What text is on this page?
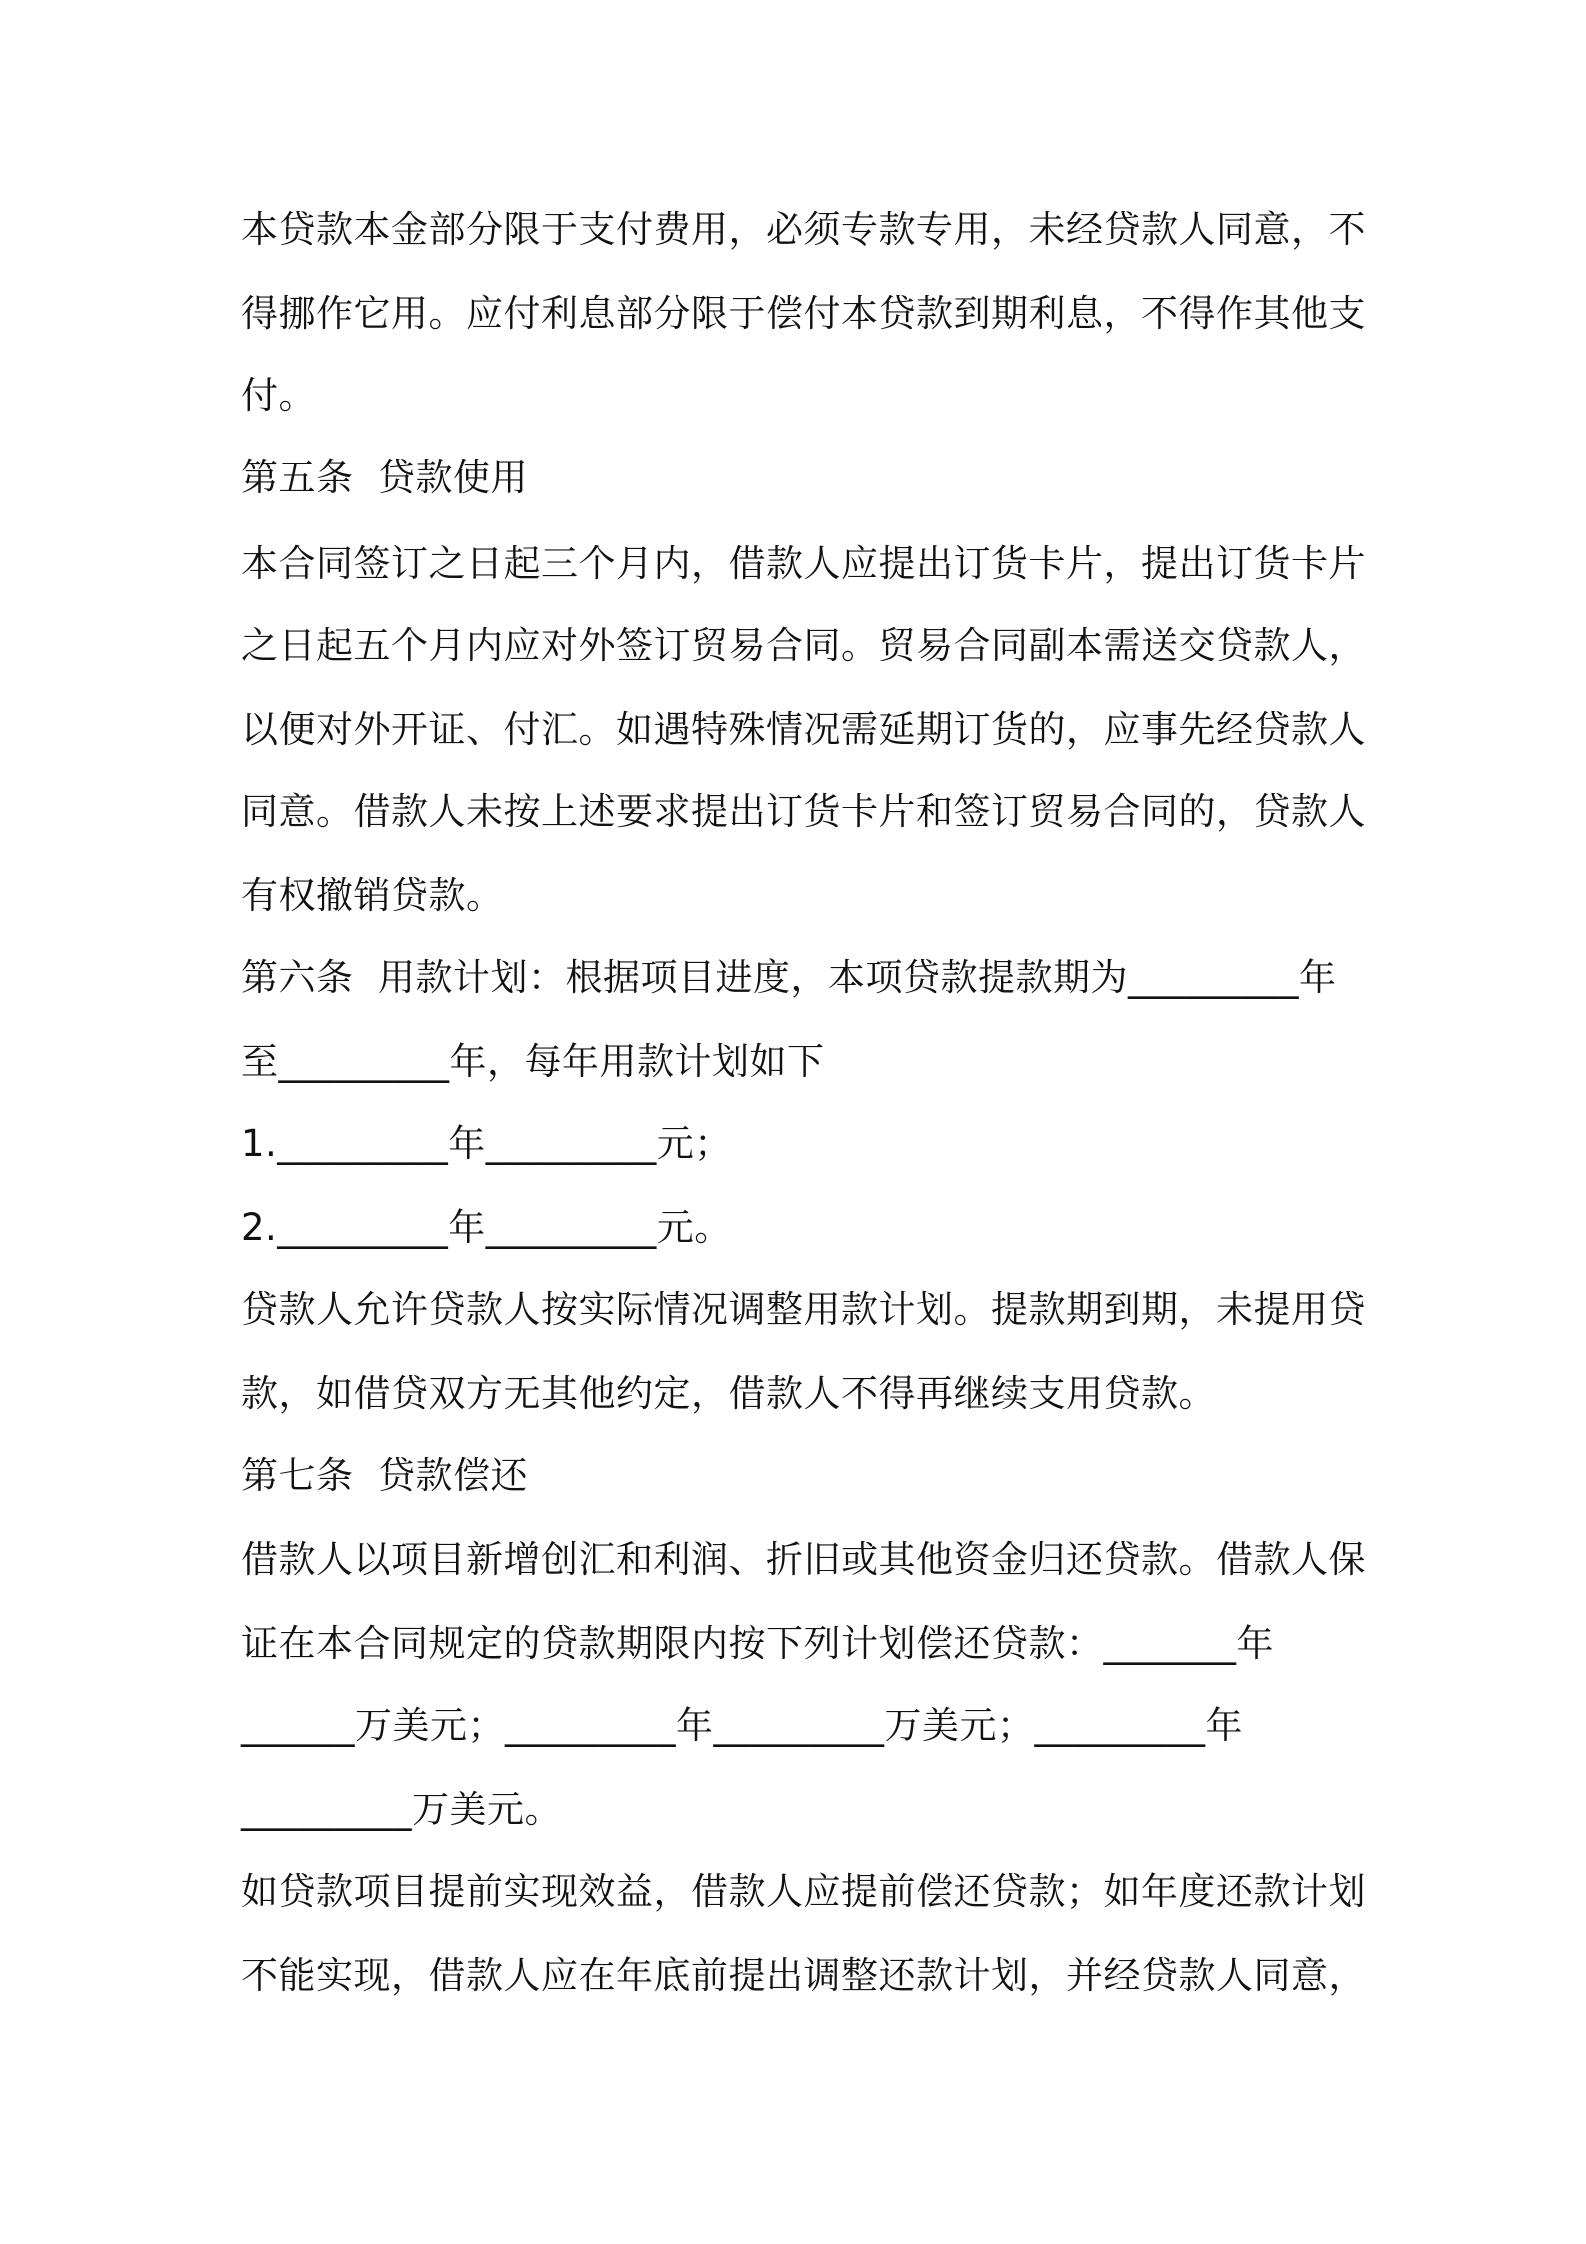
本贷款本金部分限于支付费用，必须专款专用，未经贷款人同意，不
得挪作它用。应付利息部分限于偿付本贷款到期利息，不得作其他支
付。
第五条  贷款使用
本合同签订之日起三个月内，借款人应提出订货卡片，提出订货卡片
之日起五个月内应对外签订贸易合同。贸易合同副本需送交贷款人，
以便对外开证、付汇。如遇特殊情况需延期订货的，应事先经贷款人
同意。借款人未按上述要求提出订货卡片和签订贸易合同的，贷款人
有权撤销贷款。
第六条  用款计划：根据项目进度，本项贷款提款期为_________年
至_________年，每年用款计划如下
1._________年_________元；
2._________年_________元。
贷款人允许贷款人按实际情况调整用款计划。提款期到期，未提用贷
款，如借贷双方无其他约定，借款人不得再继续支用贷款。
第七条  贷款偿还
借款人以项目新增创汇和利润、折旧或其他资金归还贷款。借款人保
证在本合同规定的贷款期限内按下列计划偿还贷款：_______年
______万美元；_________年_________万美元；_________年
_________万美元。
如贷款项目提前实现效益，借款人应提前偿还贷款；如年度还款计划
不能实现，借款人应在年底前提出调整还款计划，并经贷款人同意，
